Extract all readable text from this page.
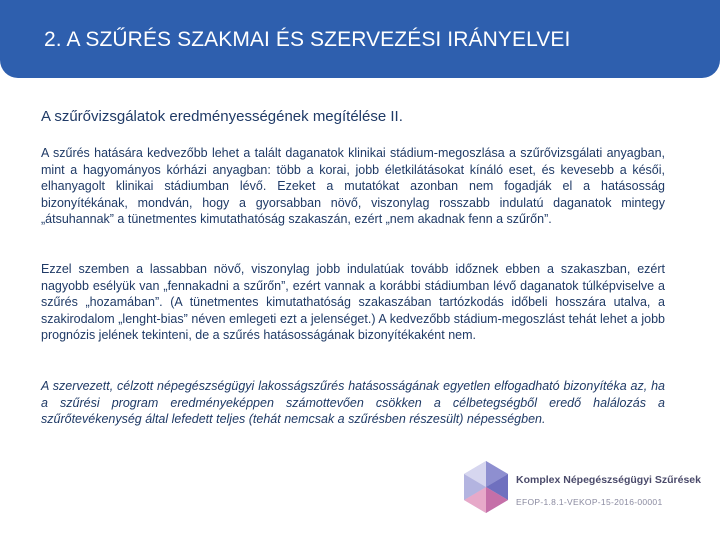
2. A SZŰRÉS SZAKMAI ÉS SZERVEZÉSI IRÁNYELVEI
A szűrővizsgálatok eredményességének megítélése II.

A szűrés hatására kedvezőbb lehet a talált daganatok klinikai stádium-megoszlása a szűrővizsgálati anyagban, mint a hagyományos kórházi anyagban: több a korai, jobb életkilátásokat kínáló eset, és kevesebb a késői, elhanyagolt klinikai stádiumban lévő. Ezeket a mutatókat azonban nem fogadják el a hatásosság bizonyítékának, mondván, hogy a gyorsabban növő, viszonylag rosszabb indulatú daganatok mintegy „átsuhannak” a tünetmentes kimutathatóság szakaszán, ezért „nem akadnak fenn a szűrőn”.

Ezzel szemben a lassabban növő, viszonylag jobb indulatúak tovább időznek ebben a szakaszban, ezért nagyobb esélyük van „fennakadni a szűrőn”, ezért vannak a korábbi stádiumban lévő daganatok túlképviselve a szűrés „hozamában”. (A tünetmentes kimutathatóság szakaszában tartózkodás időbeli hosszára utalva, a szakirodalom „lenght-bias” néven emlegeti ezt a jelenséget.) A kedvezőbb stádium-megoszlást tehát lehet a jobb prognózis jelének tekinteni, de a szűrés hatásosságának bizonyítékaként nem.

A szervezett, célzott népegészségügyi lakosságszűrés hatásosságának egyetlen elfogadható bizonyítéka az, ha a szűrési program eredményeképpen számottevően csökken a célbetegségből eredő halálozás a szűrőtevékenység által lefedett teljes (tehát nemcsak a szűrésben részesült) népességben.

Komplex Népegészségügyi Szűrések
EFOP-1.8.1-VEKOP-15-2016-00001
